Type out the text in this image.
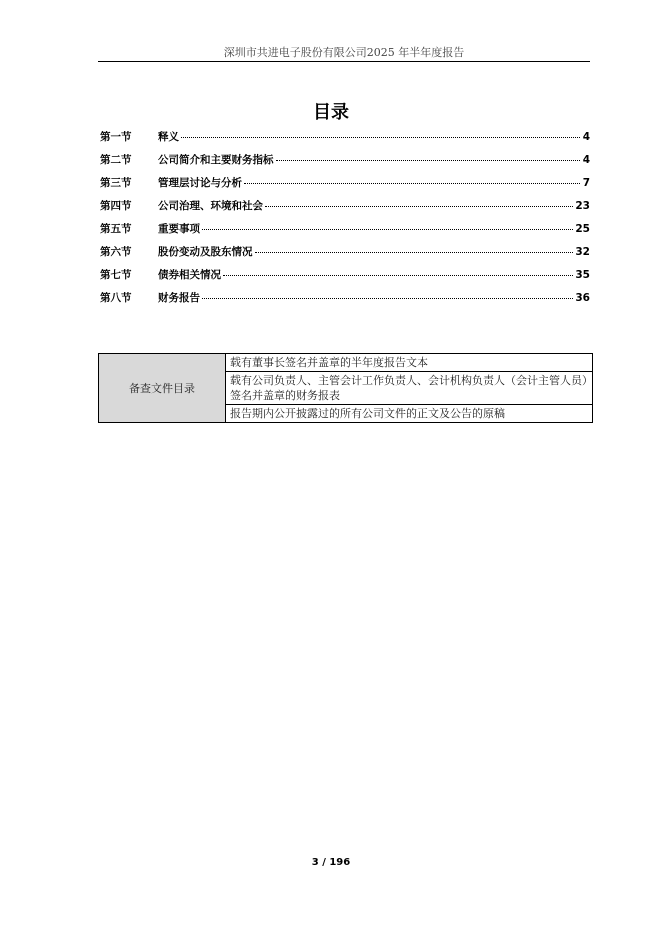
深圳市共进电子股份有限公司2025 年半年度报告
目录
第一节	释义	4
第二节	公司简介和主要财务指标	4
第三节	管理层讨论与分析	7
第四节	公司治理、环境和社会	23
第五节	重要事项	25
第六节	股份变动及股东情况	32
第七节	债券相关情况	35
第八节	财务报告	36
备查文件目录	载有董事长签名并盖章的半年度报告文本
载有公司负责人、主管会计工作负责人、会计机构负责人（会计主管人员）签名并盖章的财务报表
报告期内公开披露过的所有公司文件的正文及公告的原稿
3 / 196
